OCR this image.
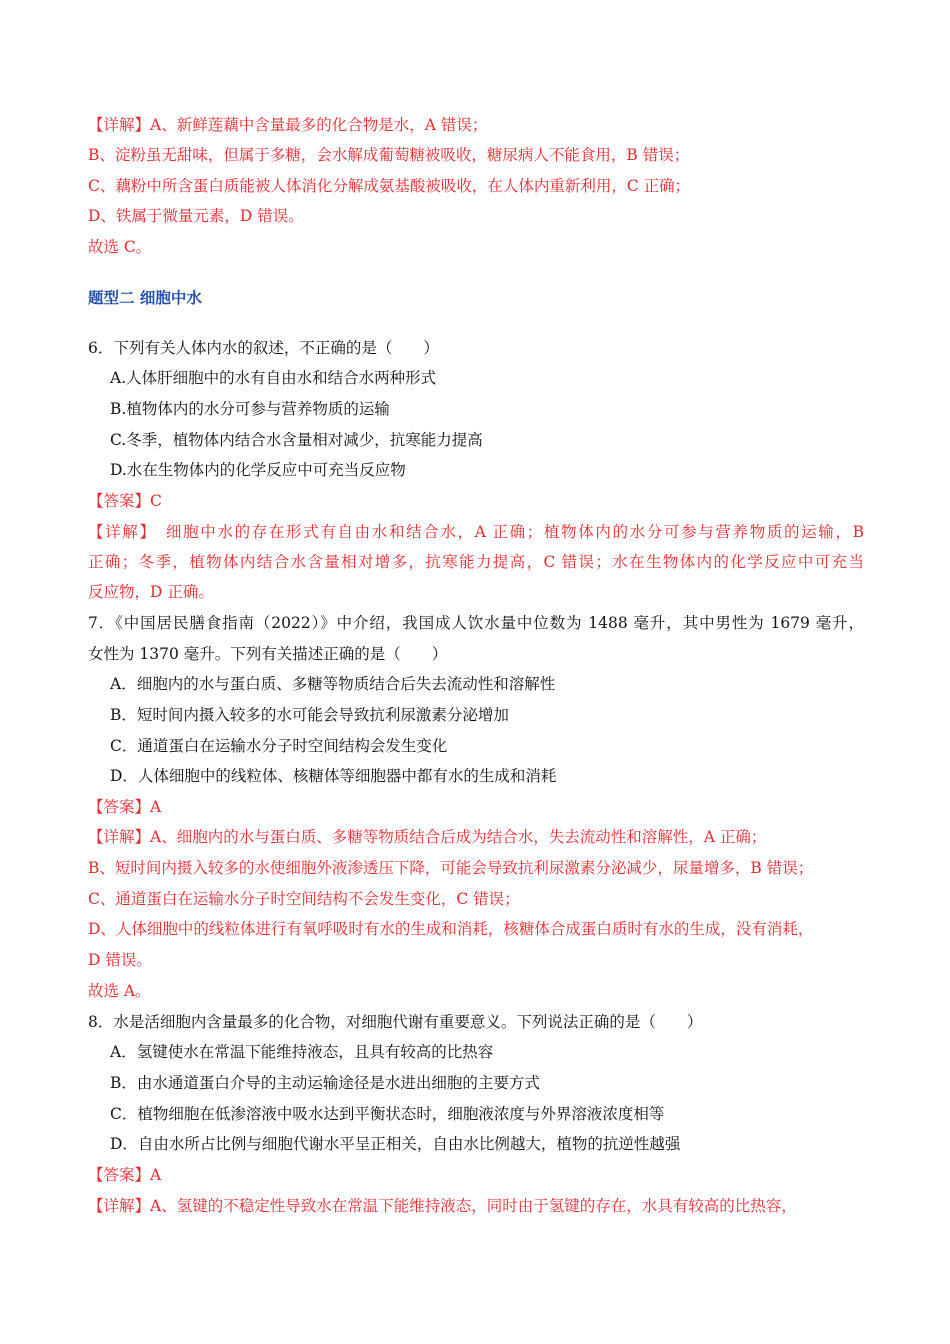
【详解】A、新鲜莲藕中含量最多的化合物是水，A 错误；
B、淀粉虽无甜味，但属于多糖，会水解成葡萄糖被吸收，糖尿病人不能食用，B 错误；
C、藕粉中所含蛋白质能被人体消化分解成氨基酸被吸收，在人体内重新利用，C 正确；
D、铁属于微量元素，D 错误。
故选 C。
题型二 细胞中水
6．下列有关人体内水的叙述，不正确的是（　　）
A.人体肝细胞中的水有自由水和结合水两种形式
B.植物体内的水分可参与营养物质的运输
C.冬季，植物体内结合水含量相对减少，抗寒能力提高
D.水在生物体内的化学反应中可充当反应物
【答案】C
【详解】　细胞中水的存在形式有自由水和结合水，A 正确；植物体内的水分可参与营养物质的运输，B
正确；冬季，植物体内结合水含量相对增多，抗寒能力提高，C 错误；水在生物体内的化学反应中可充当
反应物，D 正确。
7．《中国居民膳食指南（2022）》中介绍，我国成人饮水量中位数为 1488 毫升，其中男性为 1679 毫升，
女性为 1370 毫升。下列有关描述正确的是（　　）
A．细胞内的水与蛋白质、多糖等物质结合后失去流动性和溶解性
B．短时间内摄入较多的水可能会导致抗利尿激素分泌增加
C．通道蛋白在运输水分子时空间结构会发生变化
D．人体细胞中的线粒体、核糖体等细胞器中都有水的生成和消耗
【答案】A
【详解】A、细胞内的水与蛋白质、多糖等物质结合后成为结合水，失去流动性和溶解性，A 正确；
B、短时间内摄入较多的水使细胞外液渗透压下降，可能会导致抗利尿激素分泌减少，尿量增多，B 错误；
C、通道蛋白在运输水分子时空间结构不会发生变化，C 错误；
D、人体细胞中的线粒体进行有氧呼吸时有水的生成和消耗，核糖体合成蛋白质时有水的生成，没有消耗，
D 错误。
故选 A。
8．水是活细胞内含量最多的化合物，对细胞代谢有重要意义。下列说法正确的是（　　）
A．氢键使水在常温下能维持液态，且具有较高的比热容
B．由水通道蛋白介导的主动运输途径是水进出细胞的主要方式
C．植物细胞在低渗溶液中吸水达到平衡状态时，细胞液浓度与外界溶液浓度相等
D．自由水所占比例与细胞代谢水平呈正相关，自由水比例越大，植物的抗逆性越强
【答案】A
【详解】A、氢键的不稳定性导致水在常温下能维持液态，同时由于氢键的存在，水具有较高的比热容，
